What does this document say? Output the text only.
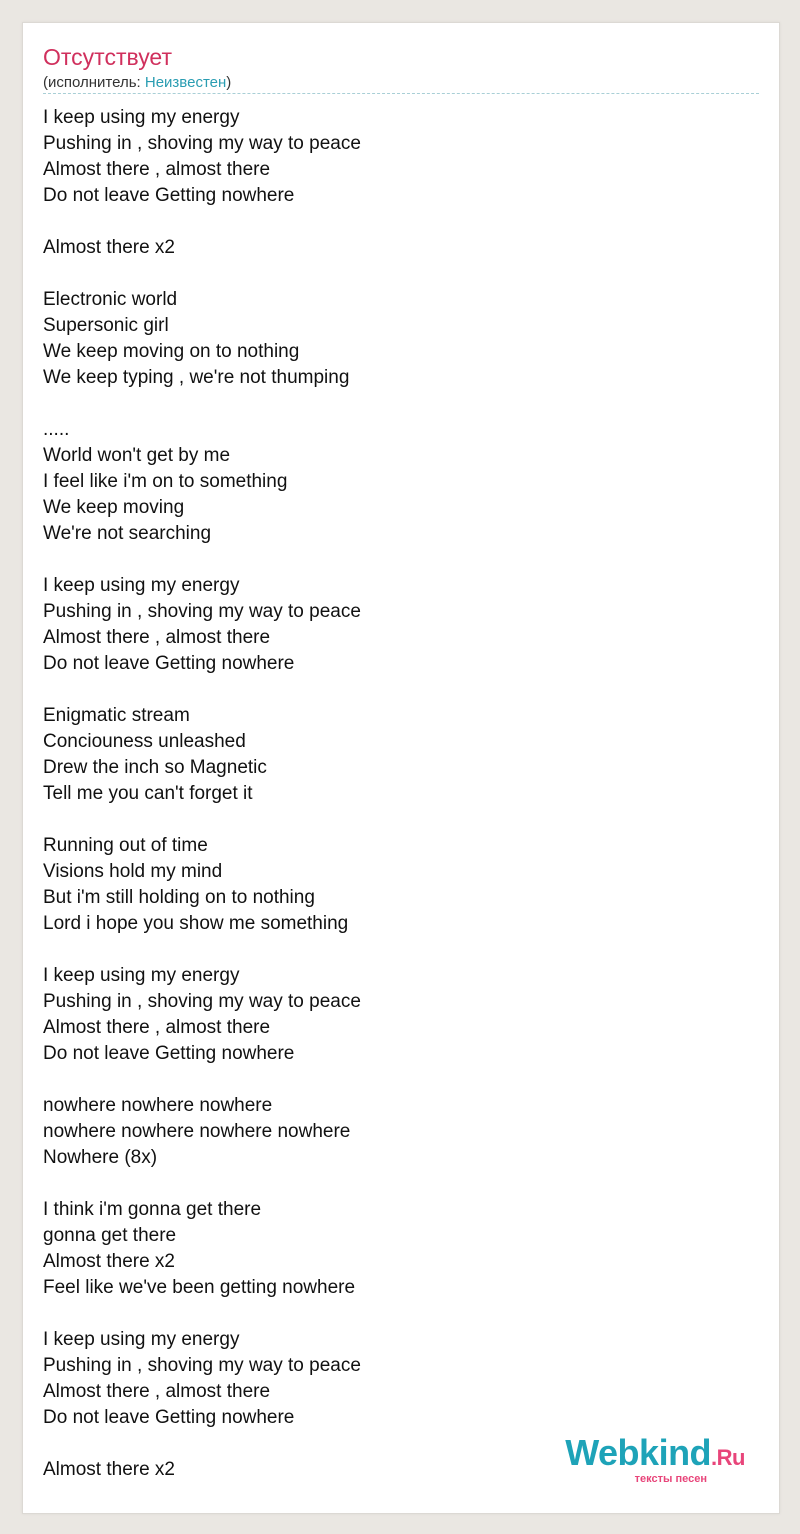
Отсутствует
(исполнитель: Неизвестен)
I keep using my energy
Pushing in , shoving my way to peace
Almost there , almost there
Do not leave Getting nowhere
Almost there x2
Electronic world
Supersonic girl
We keep moving on to nothing
We keep typing , we're not thumping
.....
World won't get by me
I feel like i'm on to something
We keep moving
We're not searching
I keep using my energy
Pushing in , shoving my way to peace
Almost there , almost there
Do not leave Getting nowhere
Enigmatic stream
Conciouness unleashed
Drew the inch so Magnetic
Tell me you can't forget it
Running out of time
Visions hold my mind
But i'm still holding on to nothing
Lord i hope you show me something
I keep using my energy
Pushing in , shoving my way to peace
Almost there , almost there
Do not leave Getting nowhere
nowhere nowhere nowhere
nowhere nowhere nowhere nowhere
Nowhere (8x)
I think i'm gonna get there
gonna get there
Almost there x2
Feel like we've been getting nowhere
I keep using my energy
Pushing in , shoving my way to peace
Almost there , almost there
Do not leave Getting nowhere
Almost there x2	Webkind.Ru
тексты песен
